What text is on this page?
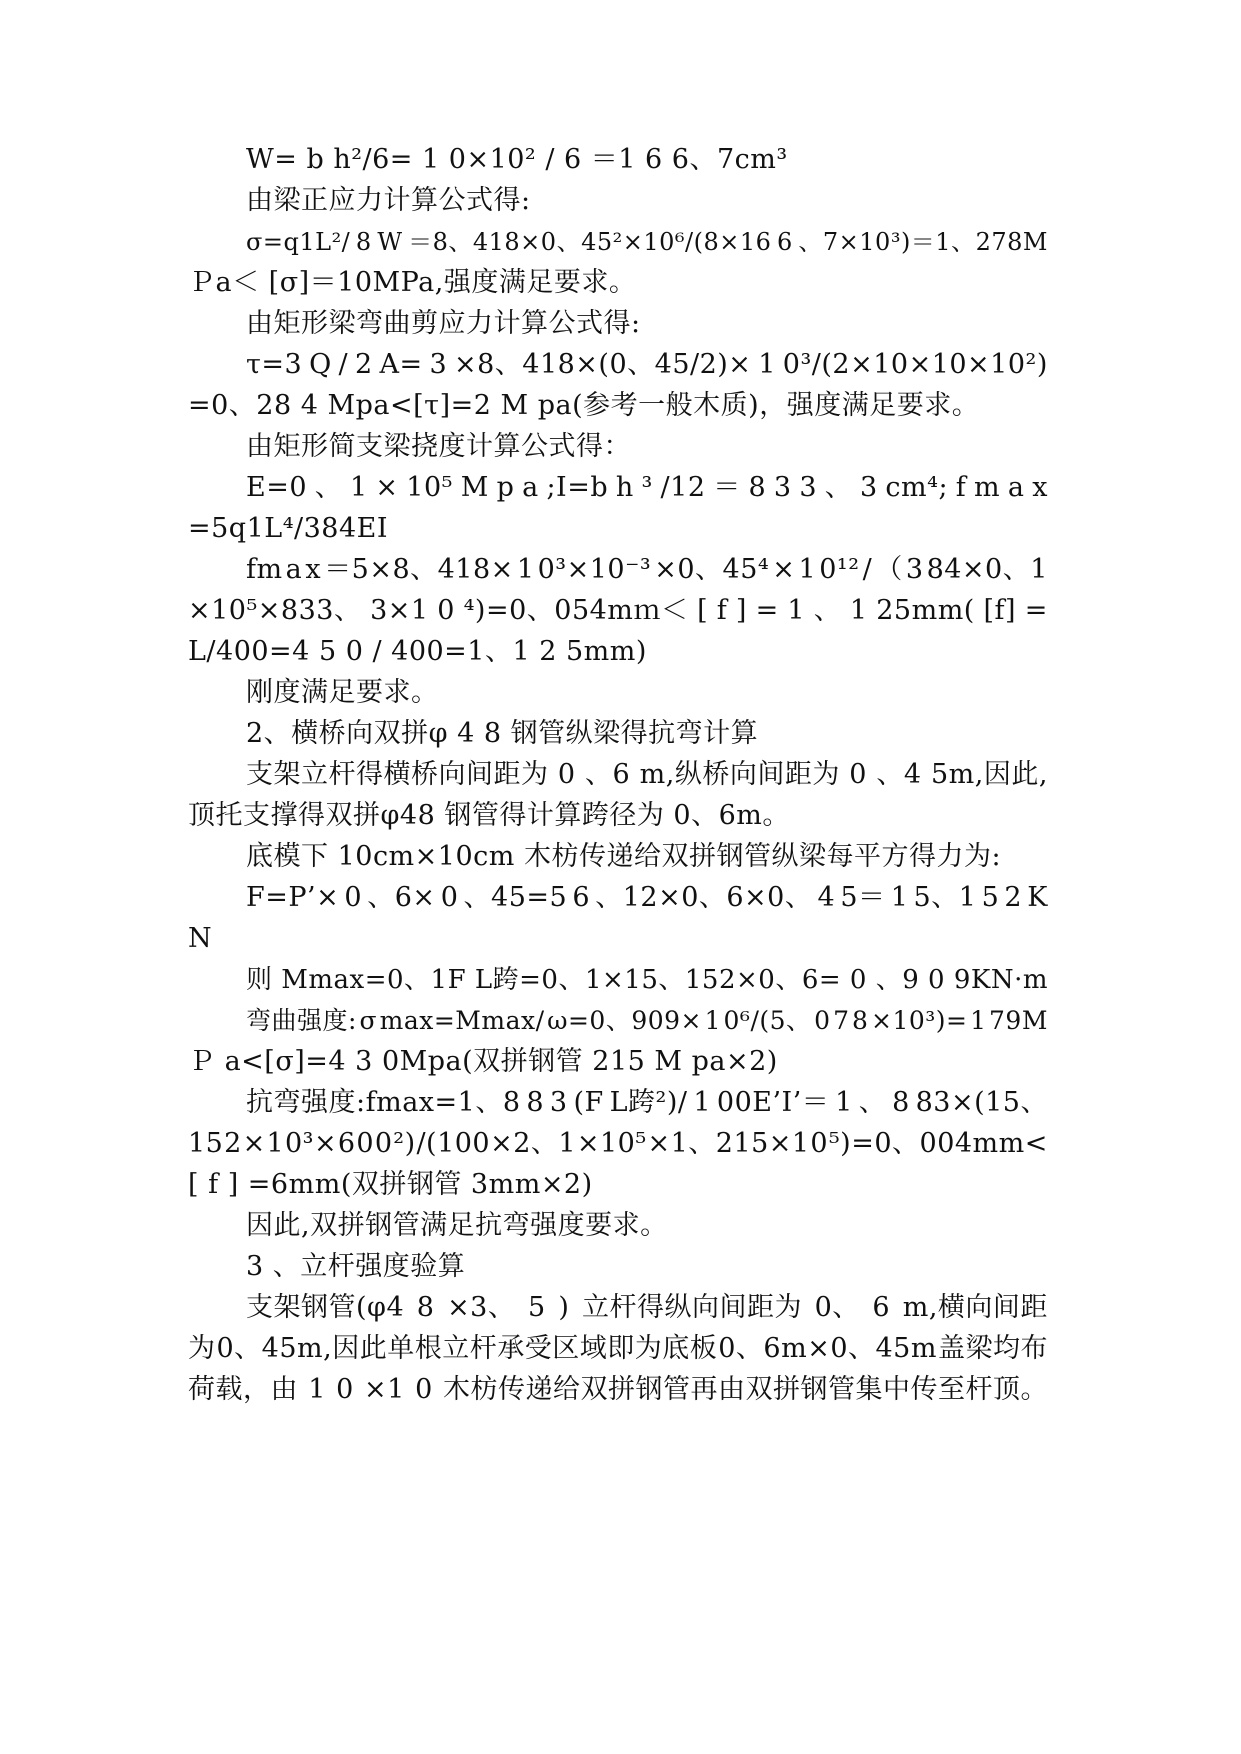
W= b h²/6= 1 0×10² / 6 ＝1 6 6、7cm³
由梁正应力计算公式得:
σ=q1L²/ 8 W ＝8、418×0、45²×10⁶/(8×16 6 、7×10³)＝1、278M
Ｐa＜ [σ]＝10MPa,强度满足要求。
由矩形梁弯曲剪应力计算公式得:
τ=3 Q / 2 A= 3 ×8、418×(0、45/2)× 1 0³/(2×10×10×10²)
=0、28 4 Mpa<[τ]=2 M pa(参考一般木质)，强度满足要求。
由矩形简支梁挠度计算公式得：
E=0 、 1 × 10⁵ M p a ;I=b h ³ /12 ＝ 8 3 3 、 3 cm⁴; f m a x
=5q1L⁴/384EI
fm a x ＝5×8、418× 1 0³×10⁻³ ×0、45⁴ × 1 0¹² / （ 3 84×0、1
×10⁵×833、 3×1 0 ⁴)=0、054mｍ＜ [ f ] = 1 、 1 25mm( [f] =
L/400=4 5 0 / 400=1、1 2 5mm)
刚度满足要求。
2、横桥向双拼φ 4 8 钢管纵梁得抗弯计算
支架立杆得横桥向间距为 0 、6 m,纵桥向间距为 0 、4 5m,因此,
顶托支撑得双拼φ48 钢管得计算跨径为 0、6m。
底模下 10cm×10cm 木枋传递给双拼钢管纵梁每平方得力为:
F=P’× 0 、6× 0 、45=5 6 、12×0、6×0、 4 5＝ 1 5、1 5 2 K
N
则 Mmax=0、1F L跨=0、1×15、152×0、6= 0 、9 0 9KN·m
弯曲强度: σ max=Mmax/ ω=0、909× 1 0⁶/(5、 0 7 8 ×10³)= 1 79M
Ｐ a<[σ]=4 3 0Mpa(双拼钢管 215 M pa×2)
抗弯强度:fmax=1、8 8 3 (F L跨²)/ 1 00E’I’＝ 1 、 8 83×(15、
15 2 × 1 0³× 6 0 0 ²) /(100×2、1 ×10⁵ ×1、215×1 0 ⁵)=0、004mm<
[ f ] =6mm(双拼钢管 3mm×2)
因此,双拼钢管满足抗弯强度要求。
3 、立杆强度验算
支架钢管(φ4 8 ×3、 5 ) 立杆得纵向间距为 0、 6 m,横向间距
为 0、45m,因此单根立杆承受区域即为底板 0、6m×0、45m 盖梁均布
荷载，由 1 0 ×1 0 木枋传递给双拼钢管再由双拼钢管集中传至杆顶。
